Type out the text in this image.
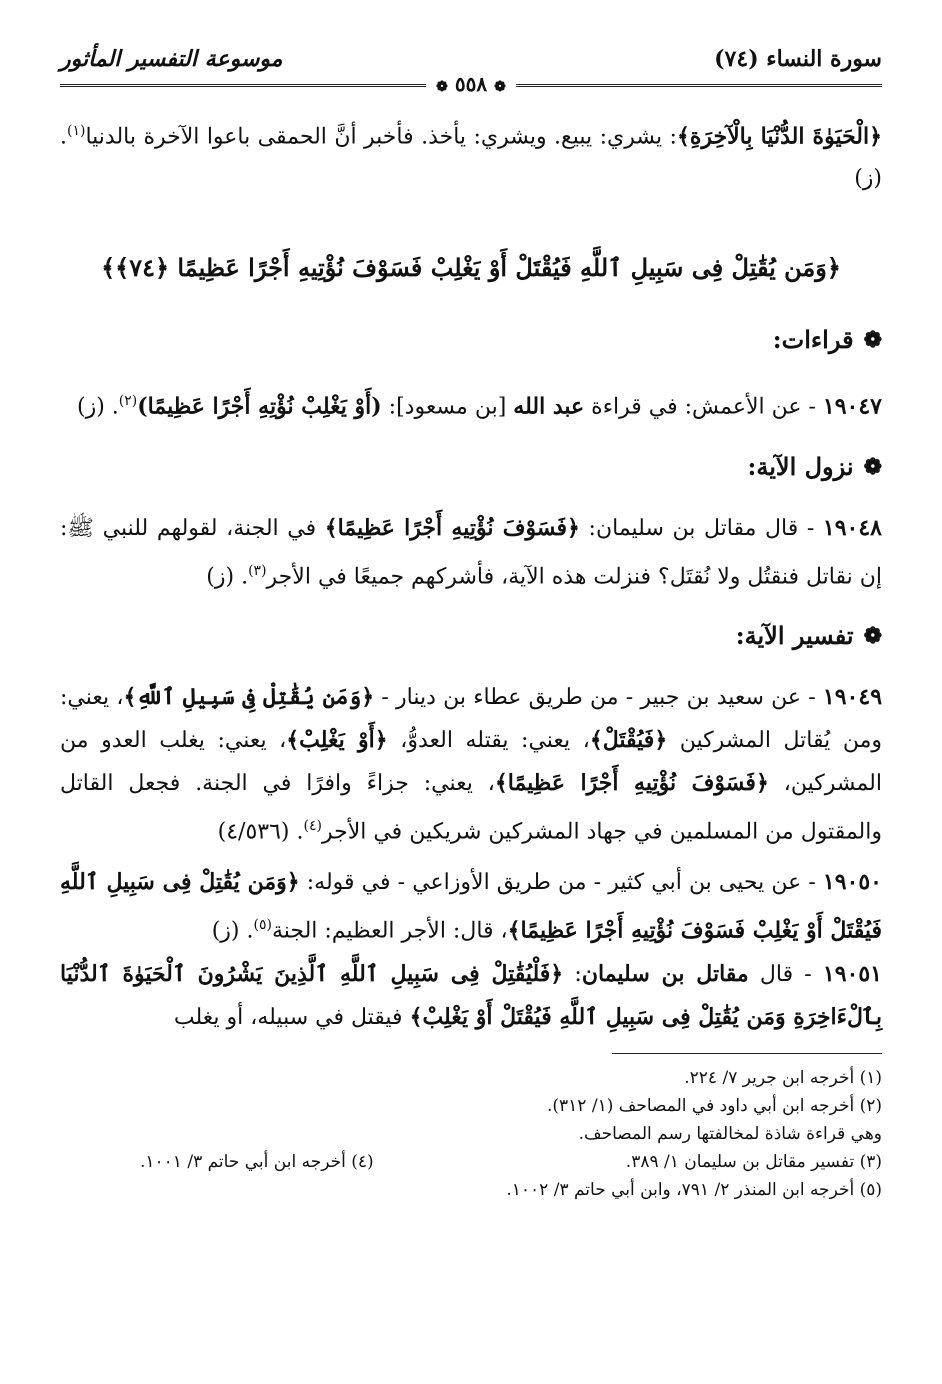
سورة النساء (٧٤)
موسوعة التفسير المأثور
❁ ٥٥٨ ❁

﴿الْحَيَوٰةَ الدُّنْيَا بِالْآخِرَةِ﴾: يشري: يبيع. ويشري: يأخذ. فأخبر أنَّ الحمقى باعوا الآخرة بالدنيا$^{(١)}$. (ز)

﴿وَمَن يُقَٰتِلْ فِى سَبِيلِ ٱللَّهِ فَيُقْتَلْ أَوْ يَغْلِبْ فَسَوْفَ نُؤْتِيهِ أَجْرًا عَظِيمًا ﴿٧٤﴾﴾
❁
قراءات:

١٩٠٤٧ - عن الأعمش: في قراءة عبد الله [بن مسعود]: (أَوْ يَغْلِبْ نُؤْتِهِ أَجْرًا عَظِيمًا)$^{(٢)}$. (ز)

❁
نزول الآية:

١٩٠٤٨ - قال مقاتل بن سليمان: ﴿فَسَوْفَ نُؤْتِيهِ أَجْرًا عَظِيمًا﴾ في الجنة، لقولهم للنبي ﷺ: إن نقاتل فنقتُل ولا نُقتَل؟ فنزلت هذه الآية، فأشركهم جميعًا في الأجر$^{(٣)}$. (ز)

❁
تفسير الآية:

١٩٠٤٩ - عن سعيد بن جبير - من طريق عطاء بن دينار - ﴿وَمَن يُقَٰتِلْ فِى سَبِيلِ ٱللَّهِ﴾، يعني: ومن يُقاتل المشركين ﴿فَيُقْتَلْ﴾، يعني: يقتله العدوُّ، ﴿أَوْ يَغْلِبْ﴾، يعني: يغلب العدو من المشركين، ﴿فَسَوْفَ نُؤْتِيهِ أَجْرًا عَظِيمًا﴾، يعني: جزاءً وافرًا في الجنة. فجعل القاتل والمقتول من المسلمين في جهاد المشركين شريكين في الأجر$^{(٤)}$. (٤/٥٣٦)

١٩٠٥٠ - عن يحيى بن أبي كثير - من طريق الأوزاعي - في قوله: ﴿وَمَن يُقَٰتِلْ فِى سَبِيلِ ٱللَّهِ فَيُقْتَلْ أَوْ يَغْلِبْ فَسَوْفَ نُؤْتِيهِ أَجْرًا عَظِيمًا﴾، قال: الأجر العظيم: الجنة$^{(٥)}$. (ز)

١٩٠٥١ - قال مقاتل بن سليمان: ﴿فَلْيُقَٰتِلْ فِى سَبِيلِ ٱللَّهِ ٱلَّذِينَ يَشْرُونَ ٱلْحَيَوٰةَ ٱلدُّنْيَا بِٱلْءَاخِرَةِ وَمَن يُقَٰتِلْ فِى سَبِيلِ ٱللَّهِ فَيُقْتَلْ أَوْ يَغْلِبْ﴾ فيقتل في سبيله، أو يغلب

(١) أخرجه ابن جرير ٧/ ٢٢٤.

(٢) أخرجه ابن أبي داود في المصاحف (١/ ٣١٢).

وهي قراءة شاذة لمخالفتها رسم المصاحف.

(٣) تفسير مقاتل بن سليمان ١/ ٣٨٩.
(٤) أخرجه ابن أبي حاتم ٣/ ١٠٠١.

(٥) أخرجه ابن المنذر ٢/ ٧٩١، وابن أبي حاتم ٣/ ١٠٠٢.
